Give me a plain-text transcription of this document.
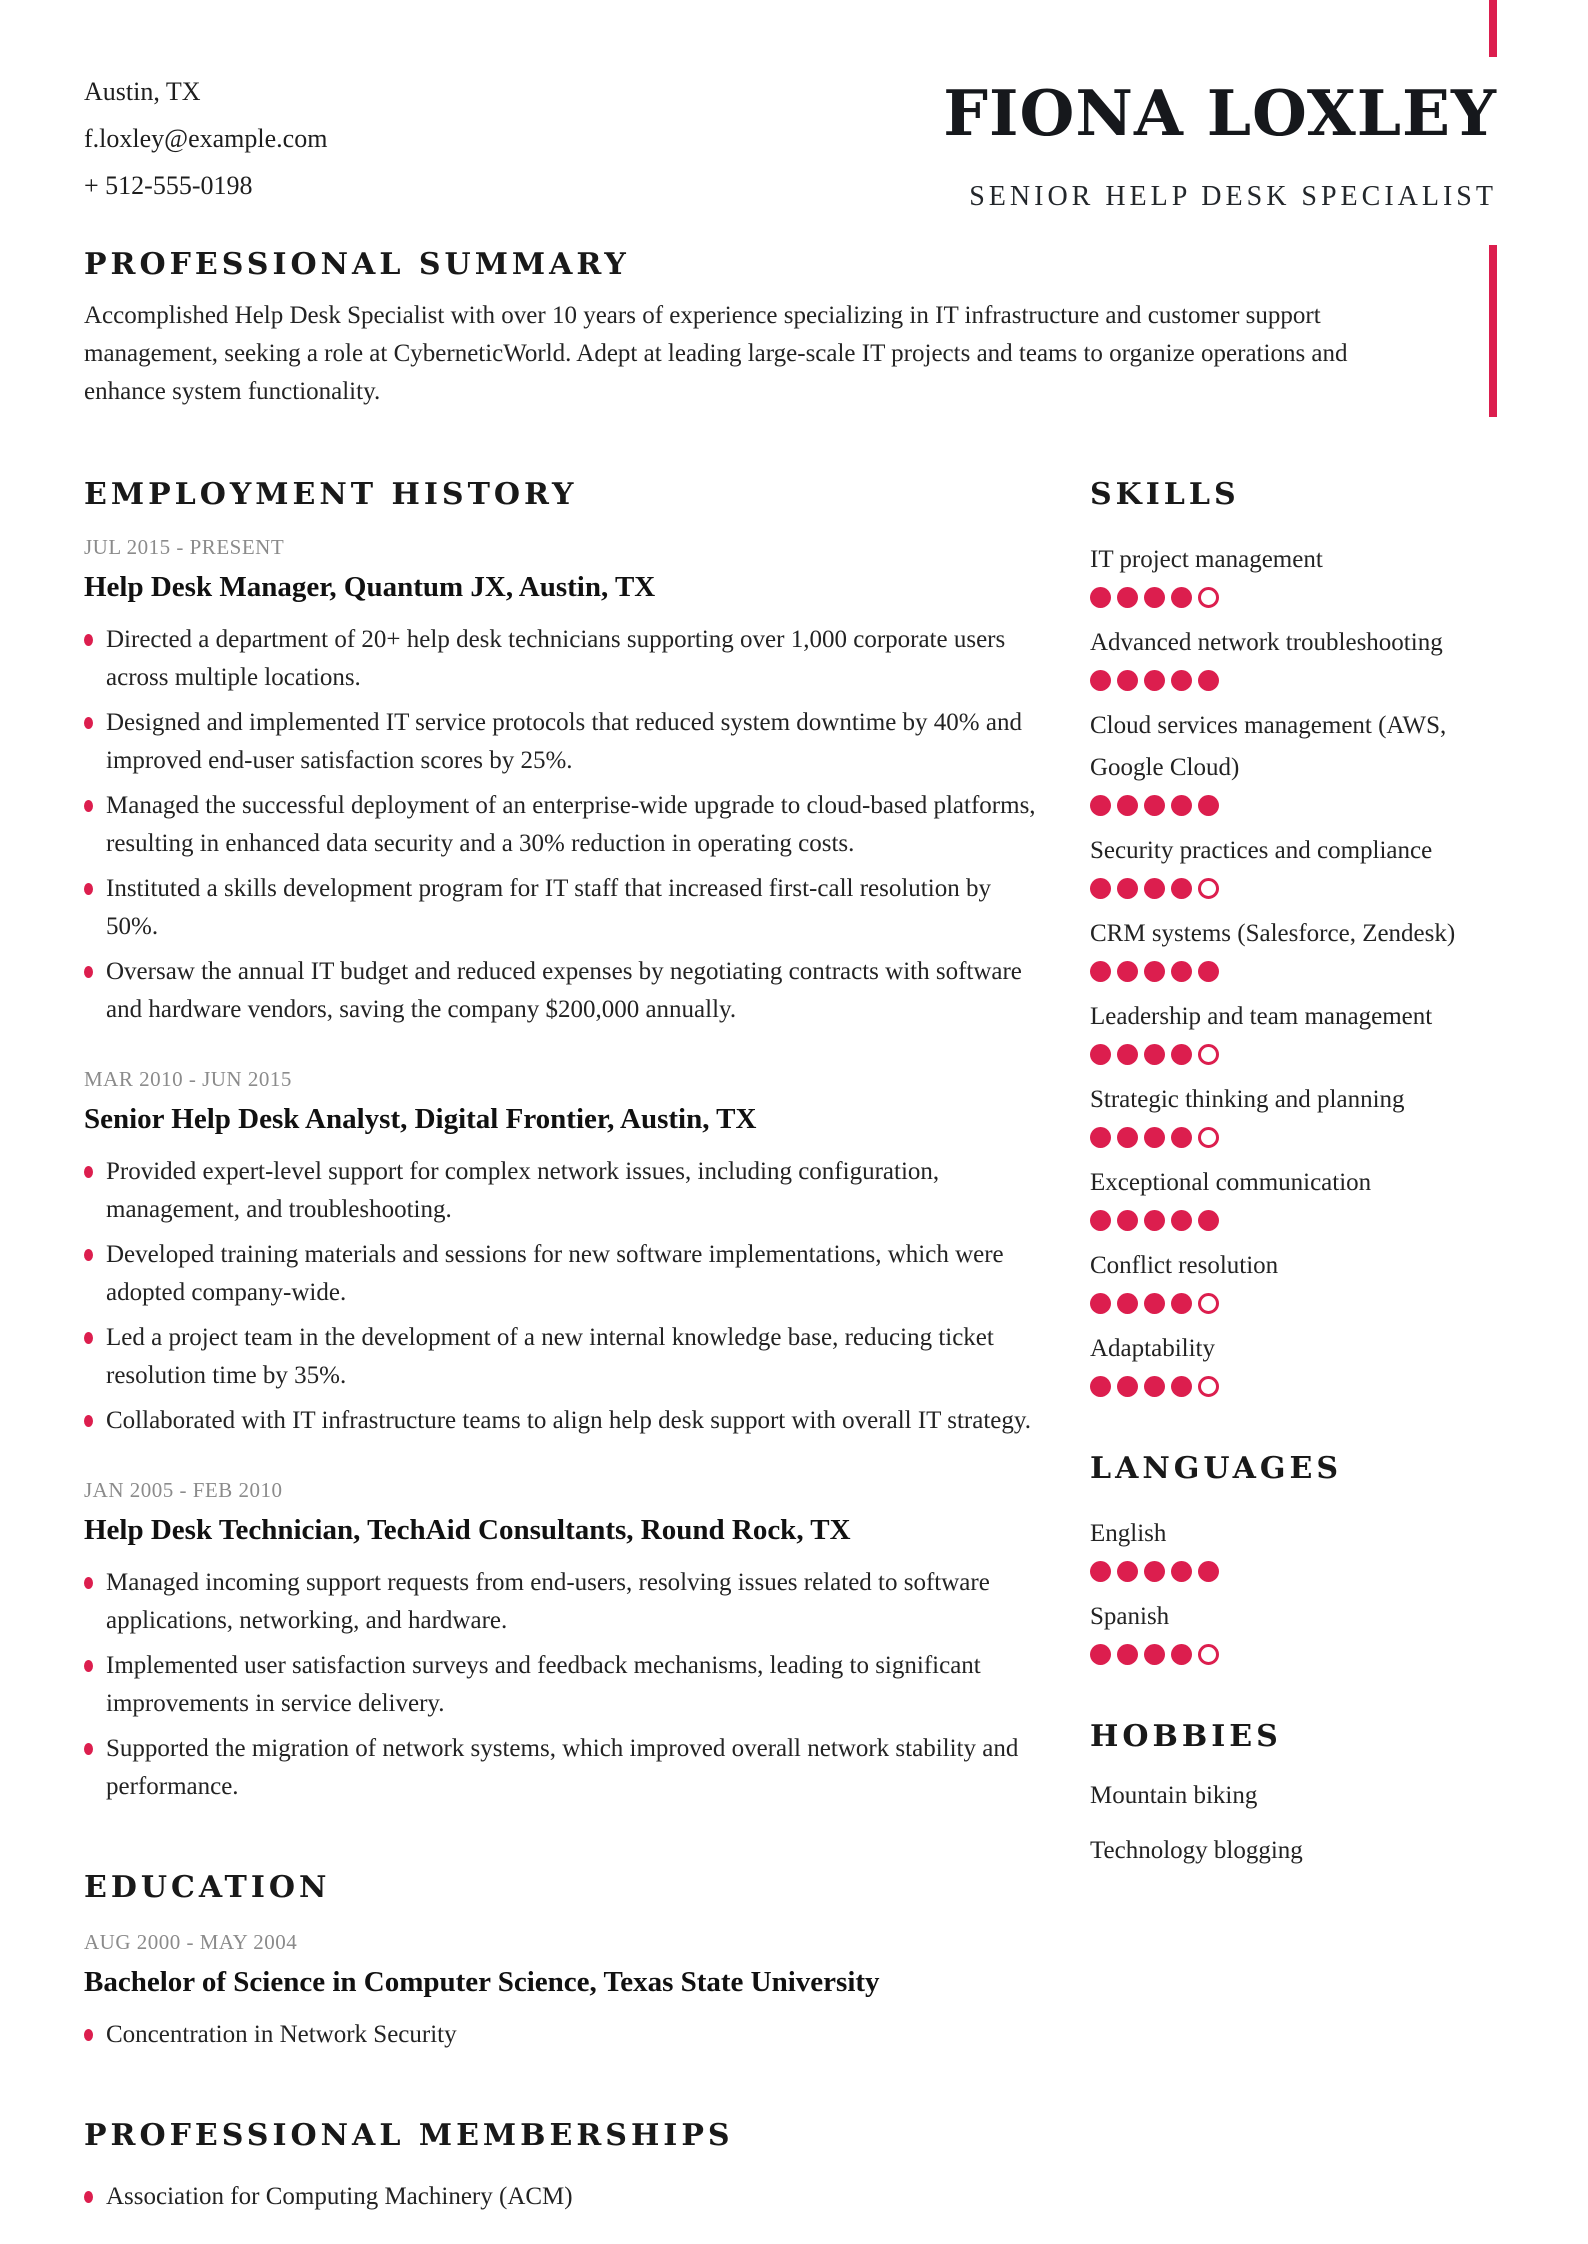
Austin, TX
f.loxley@example.com
+ 512-555-0198
FIONA LOXLEY
SENIOR HELP DESK SPECIALIST
PROFESSIONAL SUMMARY

Accomplished Help Desk Specialist with over 10 years of experience specializing in IT infrastructure and customer support management, seeking a role at CyberneticWorld. Adept at leading large-scale IT projects and teams to organize operations and enhance system functionality.

EMPLOYMENT HISTORY
JUL 2015 - PRESENT
Help Desk Manager, Quantum JX, Austin, TX
Directed a department of 20+ help desk technicians supporting over 1,000 corporate users across multiple locations.
Designed and implemented IT service protocols that reduced system downtime by 40% and improved end-user satisfaction scores by 25%.
Managed the successful deployment of an enterprise-wide upgrade to cloud-based platforms, resulting in enhanced data security and a 30% reduction in operating costs.
Instituted a skills development program for IT staff that increased first-call resolution by 50%.
Oversaw the annual IT budget and reduced expenses by negotiating contracts with software and hardware vendors, saving the company $200,000 annually.
MAR 2010 - JUN 2015
Senior Help Desk Analyst, Digital Frontier, Austin, TX
Provided expert-level support for complex network issues, including configuration, management, and troubleshooting.
Developed training materials and sessions for new software implementations, which were adopted company-wide.
Led a project team in the development of a new internal knowledge base, reducing ticket resolution time by 35%.
Collaborated with IT infrastructure teams to align help desk support with overall IT strategy.
JAN 2005 - FEB 2010
Help Desk Technician, TechAid Consultants, Round Rock, TX
Managed incoming support requests from end-users, resolving issues related to software applications, networking, and hardware.
Implemented user satisfaction surveys and feedback mechanisms, leading to significant improvements in service delivery.
Supported the migration of network systems, which improved overall network stability and performance.
EDUCATION
AUG 2000 - MAY 2004
Bachelor of Science in Computer Science, Texas State University
Concentration in Network Security
PROFESSIONAL MEMBERSHIPS
Association for Computing Machinery (ACM)
SKILLS
IT project management
Advanced network troubleshooting
Cloud services management (AWS, Google Cloud)
Security practices and compliance
CRM systems (Salesforce, Zendesk)
Leadership and team management
Strategic thinking and planning
Exceptional communication
Conflict resolution
Adaptability
LANGUAGES
English
Spanish
HOBBIES
Mountain biking
Technology blogging
